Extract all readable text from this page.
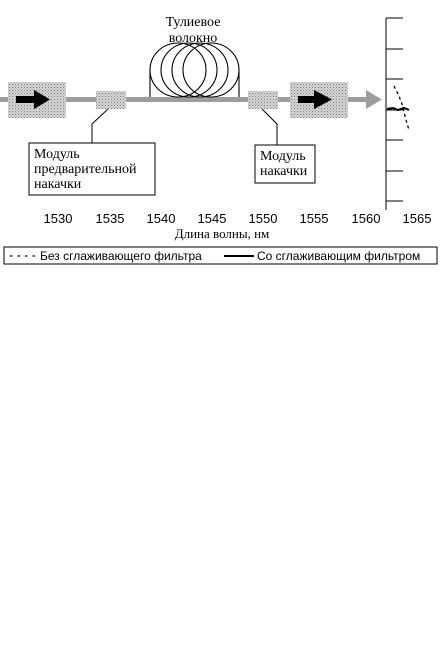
1530 1535 1540 1545 1550 1555 1560 1565
Модуль
предварительной
накачки
Модуль
накачки
Тулиевое
волокно
Длина волны, нм
Без сглаживающего фильтра	Со сглаживающим фильтром
